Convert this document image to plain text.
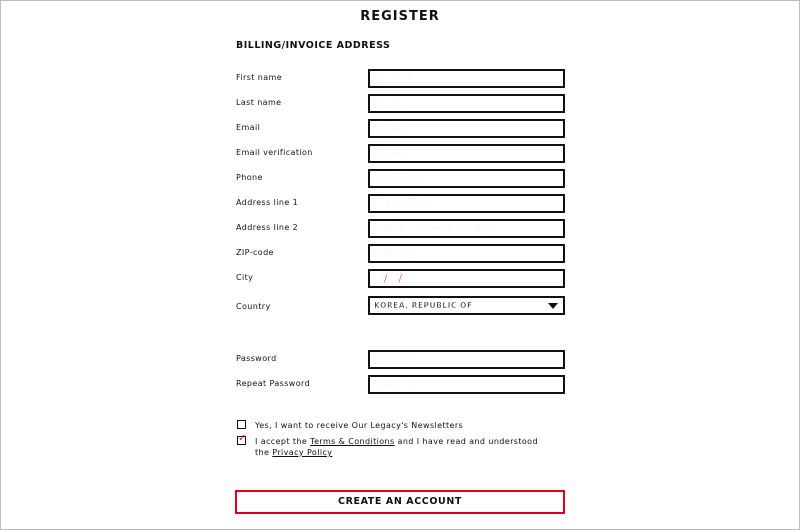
REGISTER
BILLING/INVOICE ADDRESS
First name	영문이름
Last name	영문성
Email	이메일
Email verification	이메일
Phone	핸드폰번호
Address line 1	도로명주소
Address line 2	아파트 동호수 등 상세주소
ZIP-code	우편번호
City	시/군/구
Country	KOREA, REPUBLIC OF
Password	비밀번호
Repeat Password	비밀번호
Yes, I want to receive Our Legacy's Newsletters
✓ I accept the Terms & Conditions and I have read and understood
the Privacy Policy
CREATE AN ACCOUNT
